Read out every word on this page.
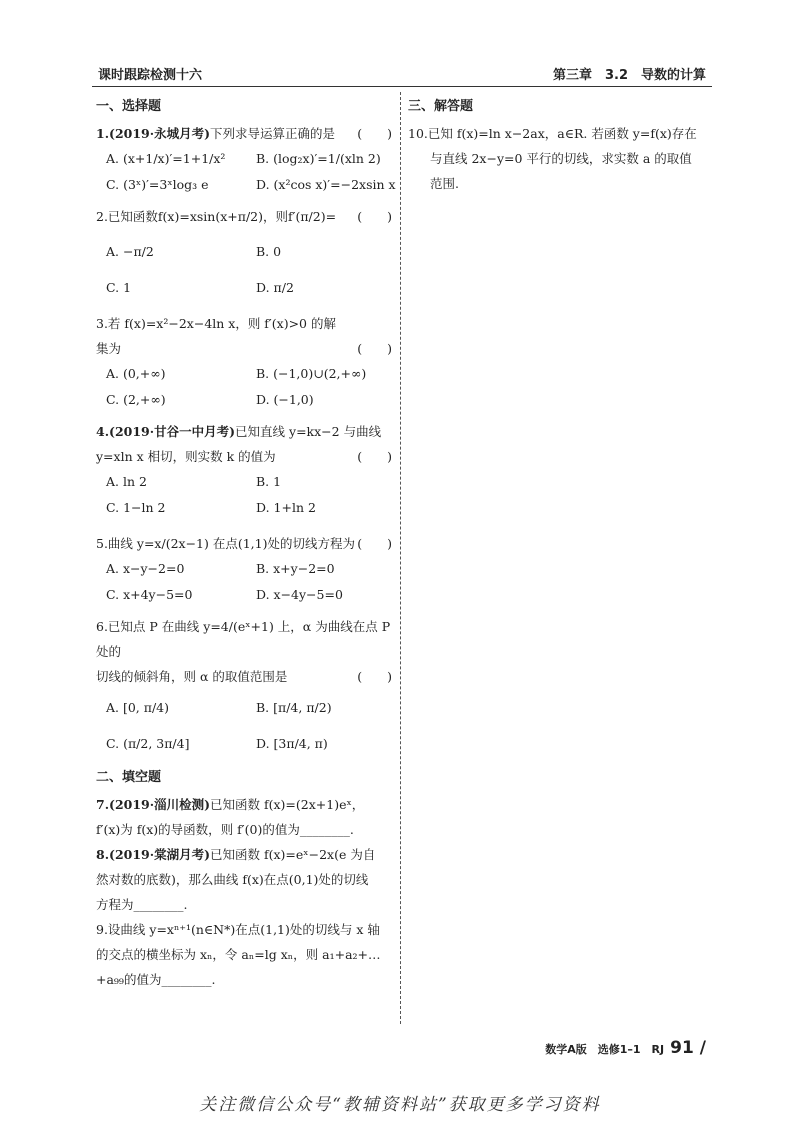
课时跟踪检测十六	第三章　3.2　导数的计算
一、选择题

1.(2019·永城月考)下列求导运算正确的是 (　　)

A. (x+1/x)′=1+1/x²	B. (log₂x)′=1/(xln 2)
C. (3ˣ)′=3ˣlog₃ e	D. (x²cos x)′=−2xsin x

2.已知函数f(x)=xsin(x+π/2)，则f′(π/2)= (　　)

A. −π/2	B. 0
C. 1	D. π/2

3.若 f(x)=x²−2x−4ln x，则 f′(x)>0 的解

集为	(　　)

A. (0,+∞)	B. (−1,0)∪(2,+∞)
C. (2,+∞)	D. (−1,0)

4.(2019·甘谷一中月考)已知直线 y=kx−2 与曲线

y=xln x 相切，则实数 k 的值为	(　　)

A. ln 2	B. 1
C. 1−ln 2	D. 1+ln 2

5.曲线 y=x/(2x−1) 在点(1,1)处的切线方程为 (　　)

A. x−y−2=0	B. x+y−2=0
C. x+4y−5=0	D. x−4y−5=0

6.已知点 P 在曲线 y=4/(eˣ+1) 上，α 为曲线在点 P 处的

切线的倾斜角，则 α 的取值范围是	(　　)

A. [0, π/4)	B. [π/4, π/2)
C. (π/2, 3π/4]	D. [3π/4, π)
二、填空题

7.(2019·淄川检测)已知函数 f(x)=(2x+1)eˣ，

f′(x)为 f(x)的导函数，则 f′(0)的值为________.

8.(2019·棠湖月考)已知函数 f(x)=eˣ−2x(e 为自

然对数的底数)，那么曲线 f(x)在点(0,1)处的切线

方程为________.

9.设曲线 y=xⁿ⁺¹(n∈N*)在点(1,1)处的切线与 x 轴

的交点的横坐标为 xₙ，令 aₙ=lg xₙ，则 a₁+a₂+…

+a₉₉的值为________.

三、解答题

10.已知 f(x)=ln x−2ax，a∈R. 若函数 y=f(x)存在

与直线 2x−y=0 平行的切线，求实数 a 的取值

范围.

数学A版　选修1–1　RJ 91 /
关注微信公众号“教辅资料站”获取更多学习资料
